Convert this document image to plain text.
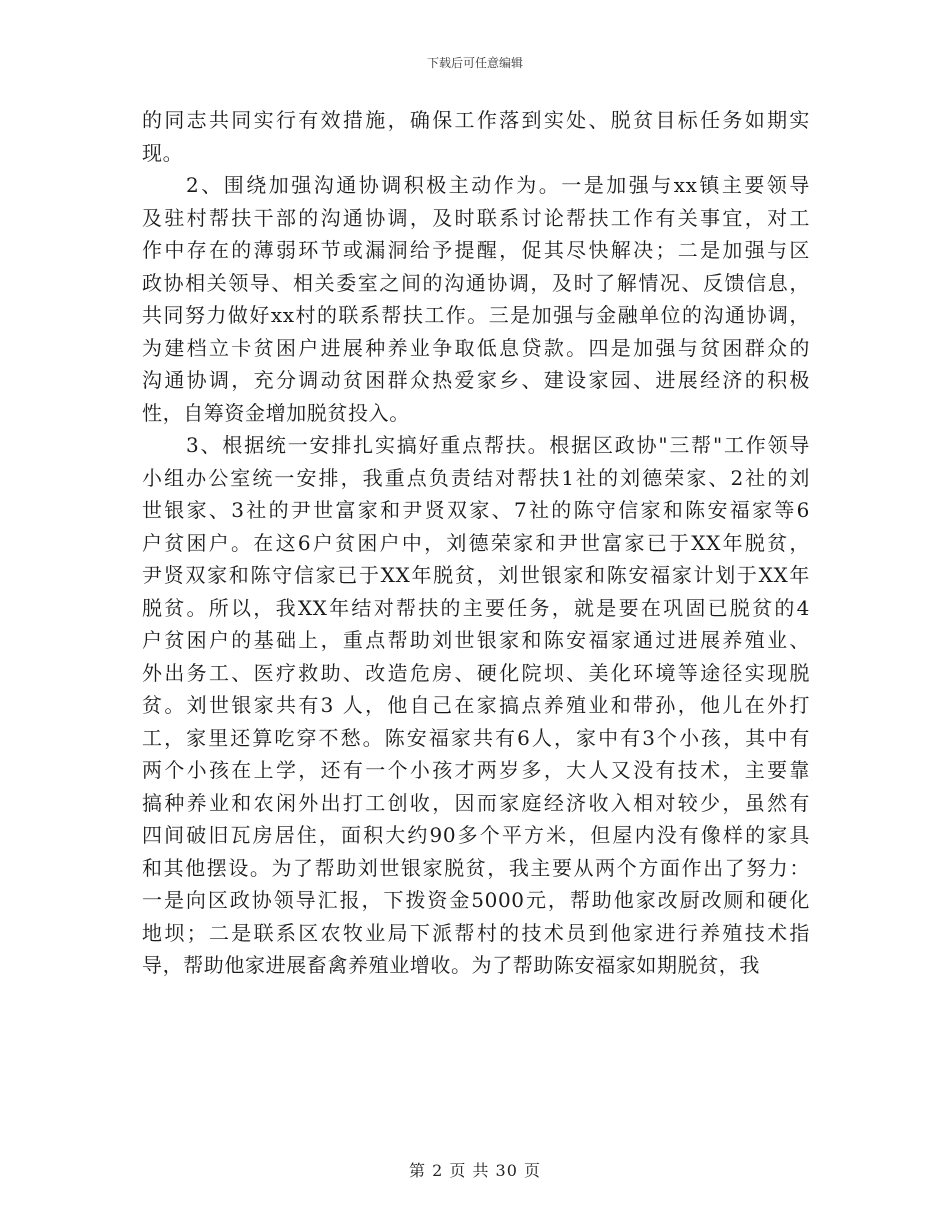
下载后可任意编辑
的同志共同实行有效措施，确保工作落到实处、脱贫目标任务如期实
现。
2、围绕加强沟通协调积极主动作为。一是加强与xx镇主要领导
及驻村帮扶干部的沟通协调，及时联系讨论帮扶工作有关事宜，对工
作中存在的薄弱环节或漏洞给予提醒，促其尽快解决；二是加强与区
政协相关领导、相关委室之间的沟通协调，及时了解情况、反馈信息，
共同努力做好xx村的联系帮扶工作。三是加强与金融单位的沟通协调，
为建档立卡贫困户进展种养业争取低息贷款。四是加强与贫困群众的
沟通协调，充分调动贫困群众热爱家乡、建设家园、进展经济的积极
性，自筹资金增加脱贫投入。
3、根据统一安排扎实搞好重点帮扶。根据区政协"三帮"工作领导
小组办公室统一安排，我重点负责结对帮扶1社的刘德荣家、2社的刘
世银家、3社的尹世富家和尹贤双家、7社的陈守信家和陈安福家等6
户贫困户。在这6户贫困户中，刘德荣家和尹世富家已于XX年脱贫，
尹贤双家和陈守信家已于XX年脱贫，刘世银家和陈安福家计划于XX年
脱贫。所以，我XX年结对帮扶的主要任务，就是要在巩固已脱贫的4
户贫困户的基础上，重点帮助刘世银家和陈安福家通过进展养殖业、
外出务工、医疗救助、改造危房、硬化院坝、美化环境等途径实现脱
贫。刘世银家共有3 人，他自己在家搞点养殖业和带孙，他儿在外打
工，家里还算吃穿不愁。陈安福家共有6人，家中有3个小孩，其中有
两个小孩在上学，还有一个小孩才两岁多，大人又没有技术，主要靠
搞种养业和农闲外出打工创收，因而家庭经济收入相对较少，虽然有
四间破旧瓦房居住，面积大约90多个平方米，但屋内没有像样的家具
和其他摆设。为了帮助刘世银家脱贫，我主要从两个方面作出了努力：
一是向区政协领导汇报，下拨资金5000元，帮助他家改厨改厕和硬化
地坝；二是联系区农牧业局下派帮村的技术员到他家进行养殖技术指
导，帮助他家进展畜禽养殖业增收。为了帮助陈安福家如期脱贫，我
第 2 页 共 30 页
